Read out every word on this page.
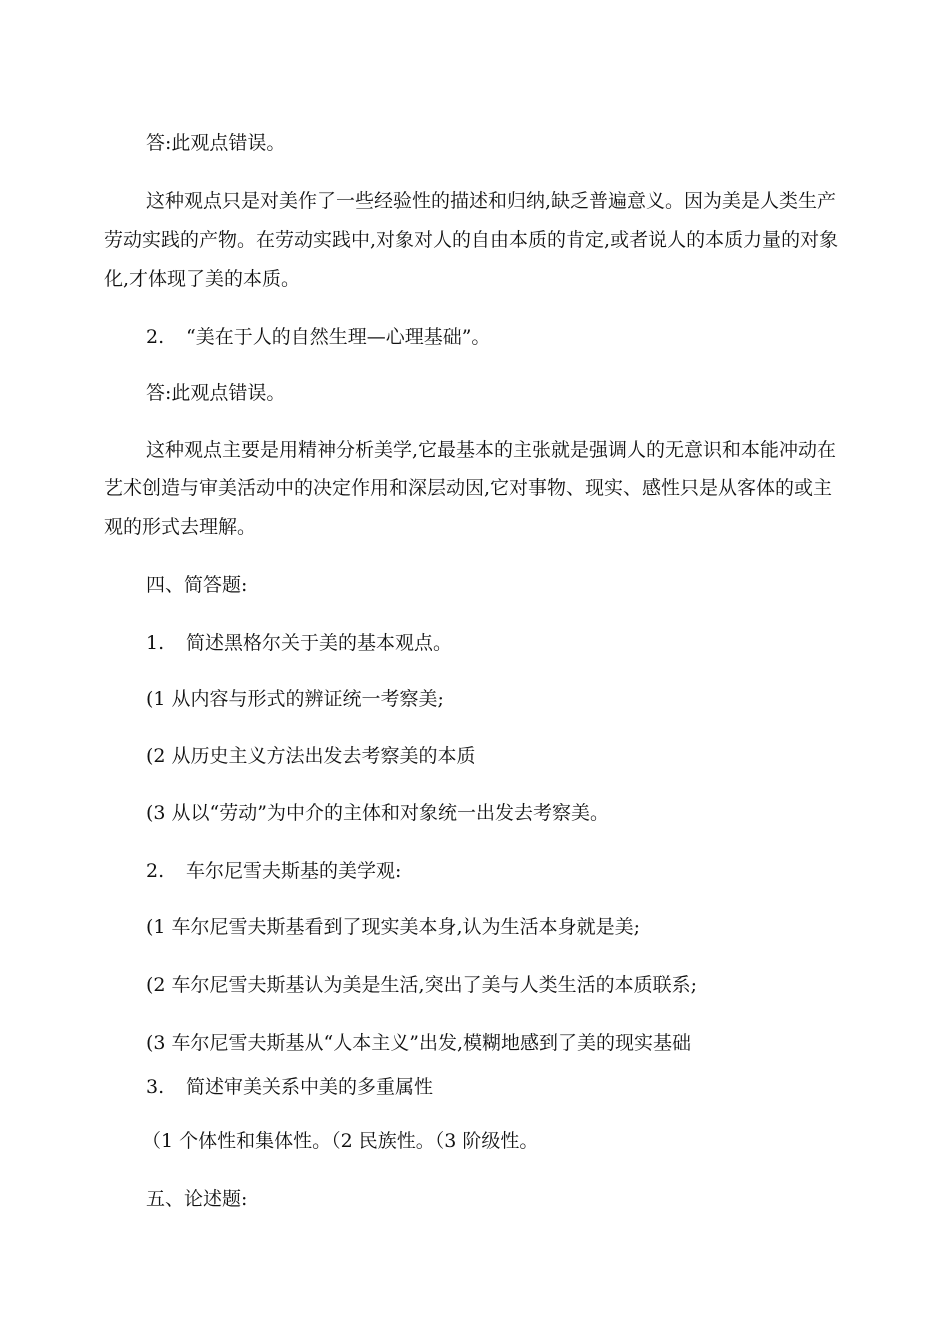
答:此观点错误。
这种观点只是对美作了一些经验性的描述和归纳,缺乏普遍意义。因为美是人类生产
劳动实践的产物。在劳动实践中,对象对人的自由本质的肯定,或者说人的本质力量的对象
化,才体现了美的本质。
2. “美在于人的自然生理—心理基础”。
答:此观点错误。
这种观点主要是用精神分析美学,它最基本的主张就是强调人的无意识和本能冲动在
艺术创造与审美活动中的决定作用和深层动因,它对事物、现实、感性只是从客体的或主
观的形式去理解。
四、简答题:
1. 简述黑格尔关于美的基本观点。
(1 从内容与形式的辨证统一考察美;
(2 从历史主义方法出发去考察美的本质
(3 从以“劳动”为中介的主体和对象统一出发去考察美。
2. 车尔尼雪夫斯基的美学观:
(1 车尔尼雪夫斯基看到了现实美本身,认为生活本身就是美;
(2 车尔尼雪夫斯基认为美是生活,突出了美与人类生活的本质联系;
(3 车尔尼雪夫斯基从“人本主义”出发,模糊地感到了美的现实基础
3. 简述审美关系中美的多重属性
（1 个体性和集体性。（2 民族性。（3 阶级性。
五、论述题:
